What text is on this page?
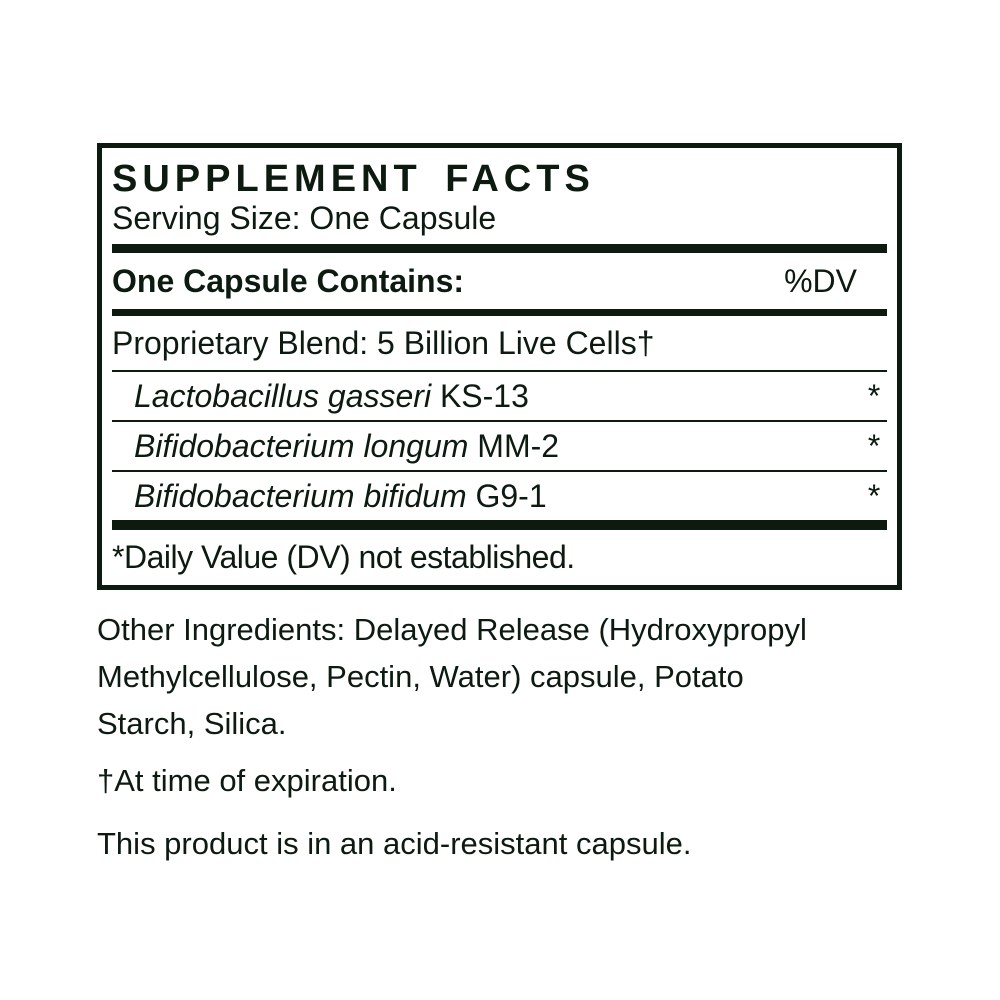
SUPPLEMENT FACTS
Serving Size: One Capsule
One Capsule Contains:	%DV
Proprietary Blend: 5 Billion Live Cells†
Lactobacillus gasseri KS-13	*
Bifidobacterium longum MM-2	*
Bifidobacterium bifidum G9-1	*
*Daily Value (DV) not established.
Other Ingredients: Delayed Release (Hydroxypropyl
Methylcellulose, Pectin, Water) capsule, Potato
Starch, Silica.
†At time of expiration.
This product is in an acid-resistant capsule.
